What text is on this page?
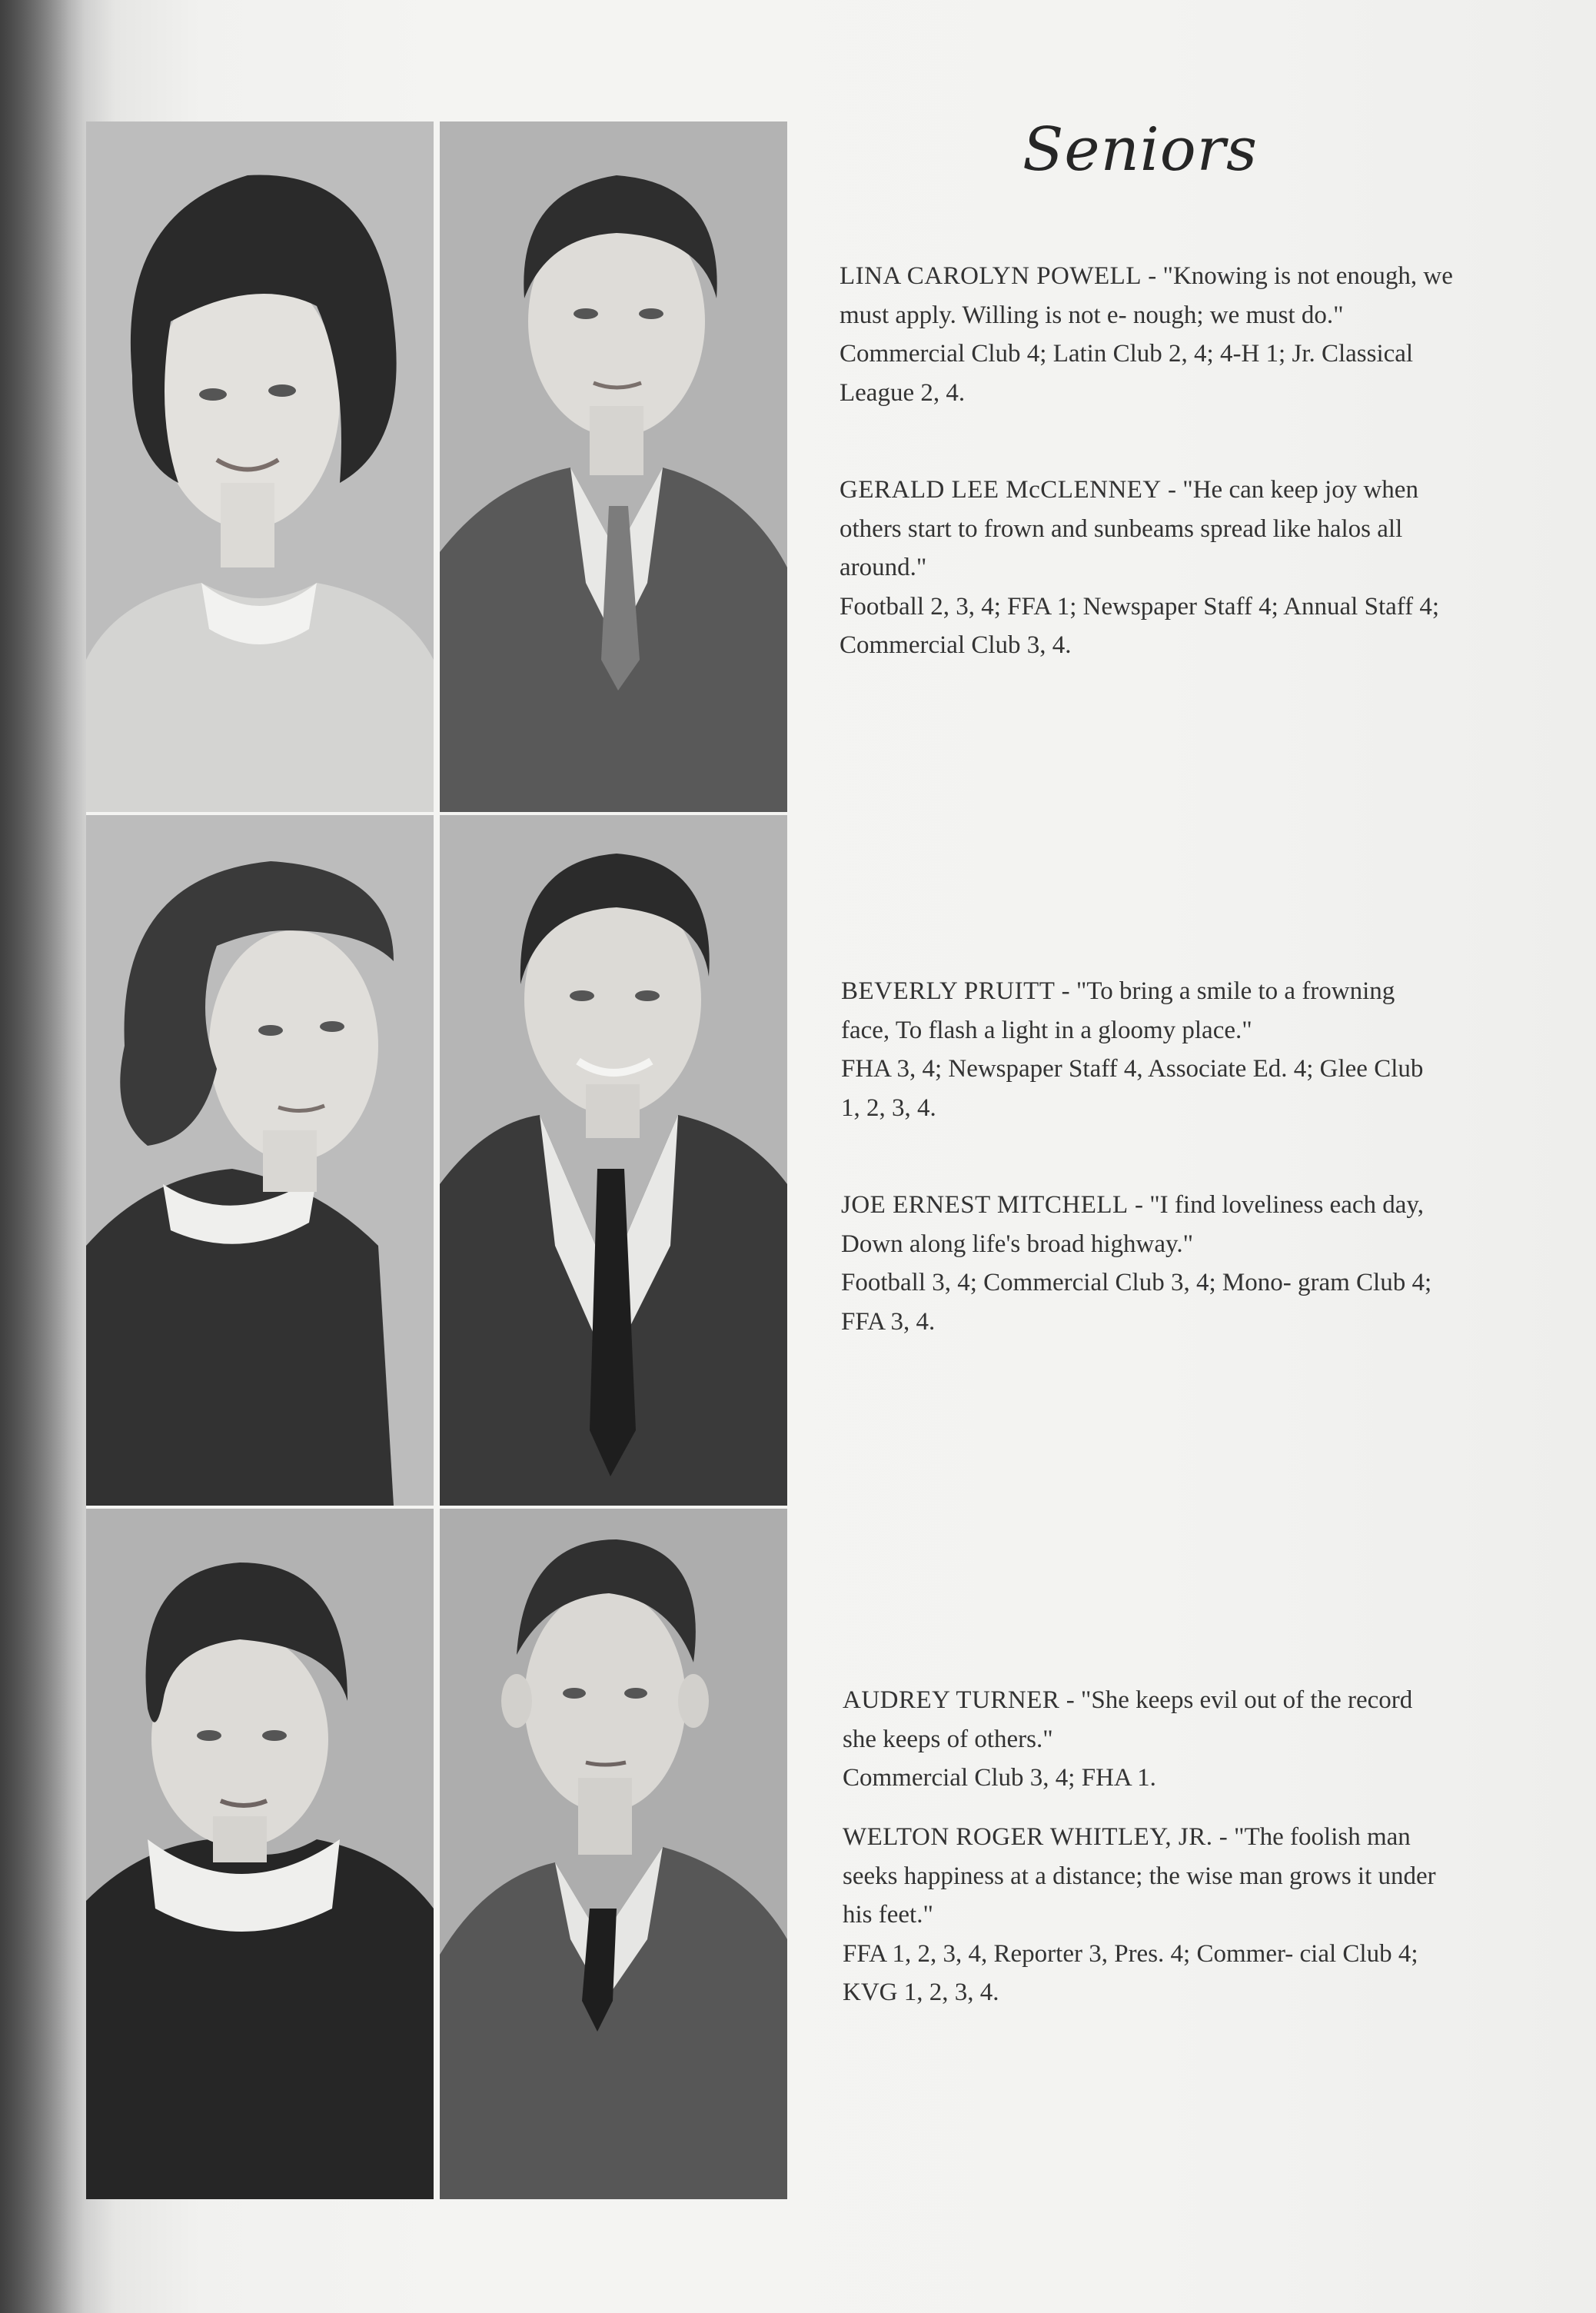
Seniors
LINA CAROLYN POWELL - "Knowing is not enough, we must apply. Willing is not e- nough; we must do."
Commercial Club 4; Latin Club 2, 4; 4-H 1; Jr. Classical League 2, 4.
GERALD LEE McCLENNEY - "He can keep joy when others start to frown and sunbeams spread like halos all around."
Football 2, 3, 4; FFA 1; Newspaper Staff 4; Annual Staff 4; Commercial Club 3, 4.
BEVERLY PRUITT - "To bring a smile to a frowning face, To flash a light in a gloomy place."
FHA 3, 4; Newspaper Staff 4, Associate Ed. 4; Glee Club 1, 2, 3, 4.
JOE ERNEST MITCHELL - "I find loveliness each day, Down along life's broad highway."
Football 3, 4; Commercial Club 3, 4; Mono- gram Club 4; FFA 3, 4.
AUDREY TURNER - "She keeps evil out of the record she keeps of others."
Commercial Club 3, 4; FHA 1.
WELTON ROGER WHITLEY, JR. - "The foolish man seeks happiness at a distance; the wise man grows it under his feet."
FFA 1, 2, 3, 4, Reporter 3, Pres. 4; Commer- cial Club 4; KVG 1, 2, 3, 4.
